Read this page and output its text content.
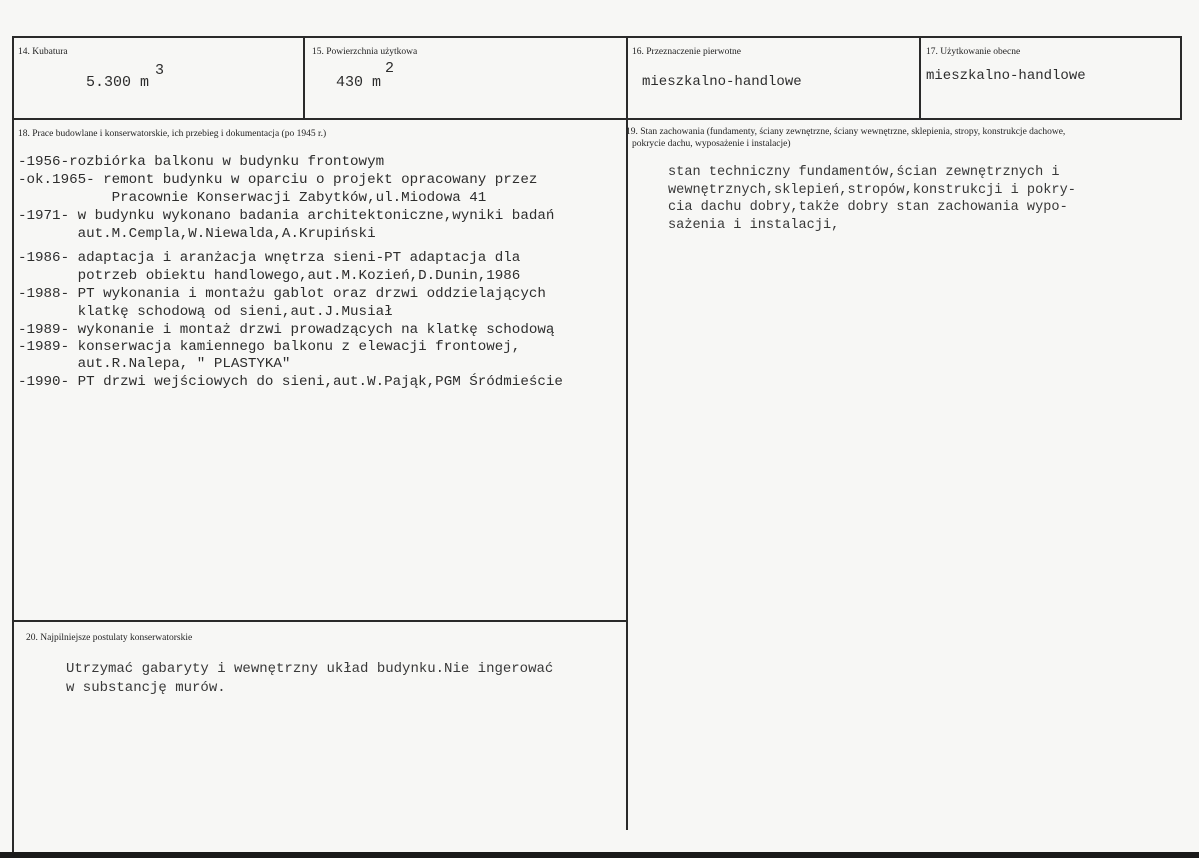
14. Kubatura
5.300 m
3
15. Powierzchnia użytkowa
430 m
2
16. Przeznaczenie pierwotne
mieszkalno-handlowe
17. Użytkowanie obecne
mieszkalno-handlowe
18. Prace budowlane i konserwatorskie, ich przebieg i dokumentacja (po 1945 r.)
-1956-rozbiórka balkonu w budynku frontowym
-ok.1965- remont budynku w oparciu o projekt opracowany przez
Pracownie Konserwacji Zabytków,ul.Miodowa 41
-1971- w budynku wykonano badania architektoniczne,wyniki badań
aut.M.Cempla,W.Niewalda,A.Krupiński
-1986- adaptacja i aranżacja wnętrza sieni-PT adaptacja dla
potrzeb obiektu handlowego,aut.M.Kozień,D.Dunin,1986
-1988- PT wykonania i montażu gablot oraz drzwi oddzielających
klatkę schodową od sieni,aut.J.Musiał
-1989- wykonanie i montaż drzwi prowadzących na klatkę schodową
-1989- konserwacja kamiennego balkonu z elewacji frontowej,
aut.R.Nalepa, " PLASTYKA"
-1990- PT drzwi wejściowych do sieni,aut.W.Pająk,PGM Śródmieście
19. Stan zachowania (fundamenty, ściany zewnętrzne, ściany wewnętrzne, sklepienia, stropy, konstrukcje dachowe,
pokrycie dachu, wyposażenie i instalacje)
stan techniczny fundamentów,ścian zewnętrznych i
wewnętrznych,sklepień,stropów,konstrukcji i pokry-
cia dachu dobry,także dobry stan zachowania wypo-
sażenia i instalacji,
20. Najpilniejsze postulaty konserwatorskie
Utrzymać gabaryty i wewnętrzny układ budynku.Nie ingerować
w substancję murów.
